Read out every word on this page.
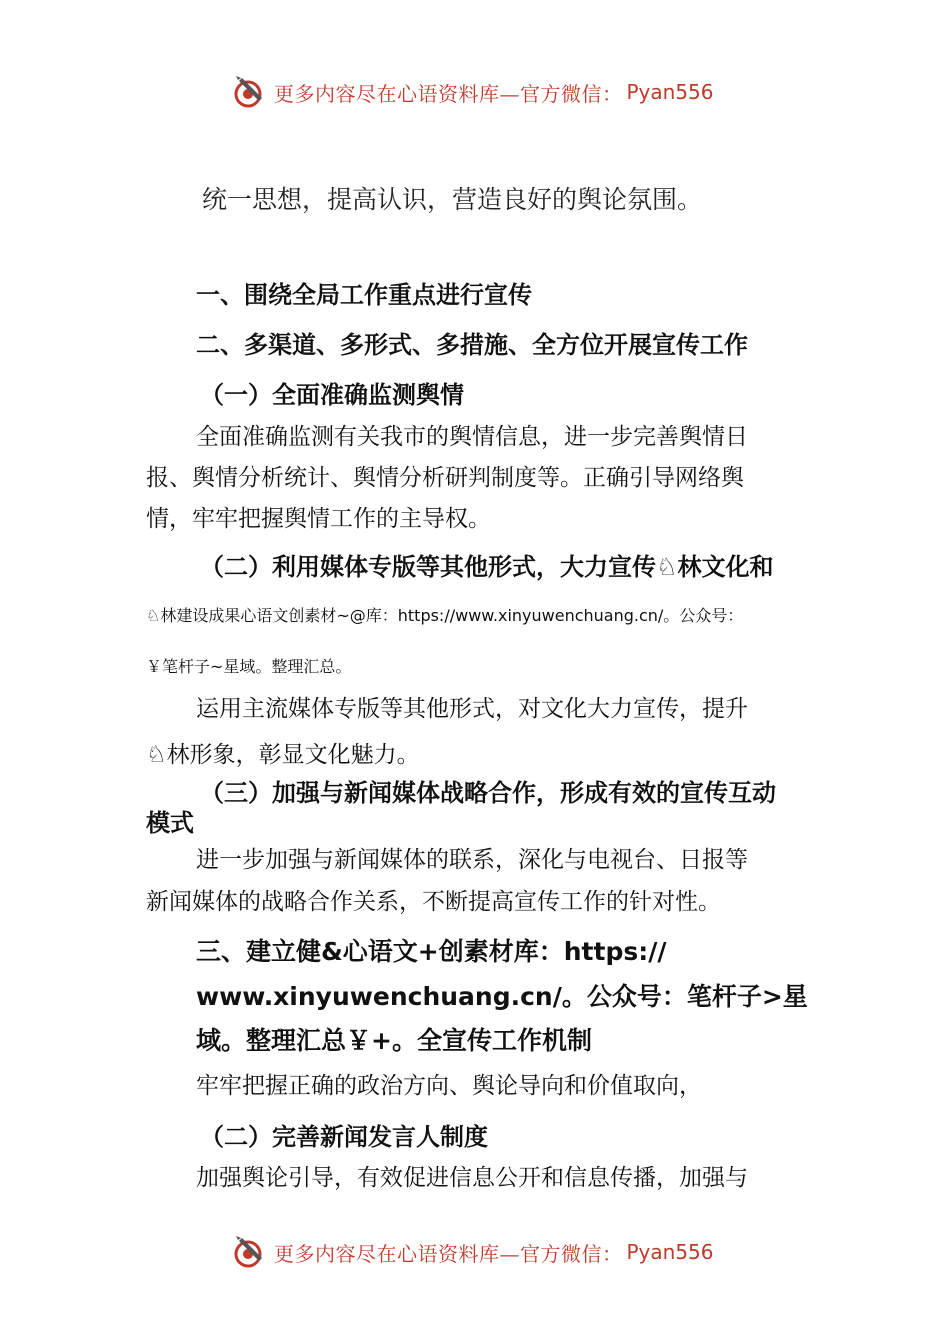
更多内容尽在心语资料库—官方微信： Pyan556
统一思想，提高认识，营造良好的舆论氛围。
一、围绕全局工作重点进行宣传
二、多渠道、多形式、多措施、全方位开展宣传工作
（一）全面准确监测舆情
全面准确监测有关我市的舆情信息，进一步完善舆情日
报、舆情分析统计、舆情分析研判制度等。正确引导网络舆
情，牢牢把握舆情工作的主导权。
（二）利用媒体专版等其他形式，大力宣传♘林文化和
♘林建设成果心语文创素材~@库：https://www.xinyuwenchuang.cn/。公众号：
￥笔杆子~星域。整理汇总。
运用主流媒体专版等其他形式，对文化大力宣传，提升
♘林形象，彰显文化魅力。
（三）加强与新闻媒体战略合作，形成有效的宣传互动
模式
进一步加强与新闻媒体的联系，深化与电视台、日报等
新闻媒体的战略合作关系，不断提高宣传工作的针对性。
三、建立健&心语文+创素材库：https://
www.xinyuwenchuang.cn/。公众号：笔杆子>星
域。整理汇总￥+。全宣传工作机制
牢牢把握正确的政治方向、舆论导向和价值取向，
（二）完善新闻发言人制度
加强舆论引导，有效促进信息公开和信息传播，加强与
更多内容尽在心语资料库—官方微信： Pyan556
